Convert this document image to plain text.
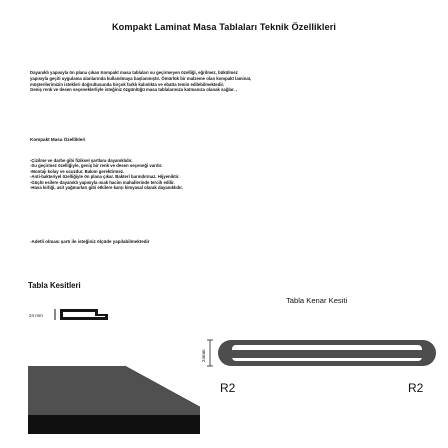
Kompakt Laminat Masa Tablaları Teknik Özellikleri
Dayanıklı yapısıyla ön plana çıkan Kompakt masa tablaları su geçirmeyen özelliği, eğrilmez, bükülmez
yapısıyla geçiti uygulama alanlarında kullanılmaya başlanmıştır. Ömürlük bir malzeme olan kompakt laminat,
müşterilerimizin istekleri doğrultusunda birçok farklı kalınlıkta ve ebatta temin edilebilmektedir.
Geniş renk ve desen seçeneklerliyle isteğiniz özgünlüğü masa tablalarınıza katmanıza olanak sağlar. ,
Kompakt Masa Özellikleri
-Çizilme ve darbe gibi fiziksel şartlara dayanıklıdır.
-Su geçirmez özelliğiyle, geniş bir renk ve desen seçeneği vardır.
-Montajı kolay ve ucuzdur. Bakım gerektirmez.
-Anti-bakteriyel özelliğiyle ön plana çıkar. Bakteri barındırmaz. Hijyeniktir.
-Güçlü esilere dayanıklı yapısıyla ısıak hacim mahallerinde tercih edilir.
-Hava kirliği, asit yağmurları gibi etkilere karşı kimyasal olarak dayanıklıdır.
-Adetli olması şartı ile isteğiniz ölçüde yapılabilmektedir
Tabla Kesitleri
24 mm
Tabla Kenar Kesiti
24mm
R2	R2
